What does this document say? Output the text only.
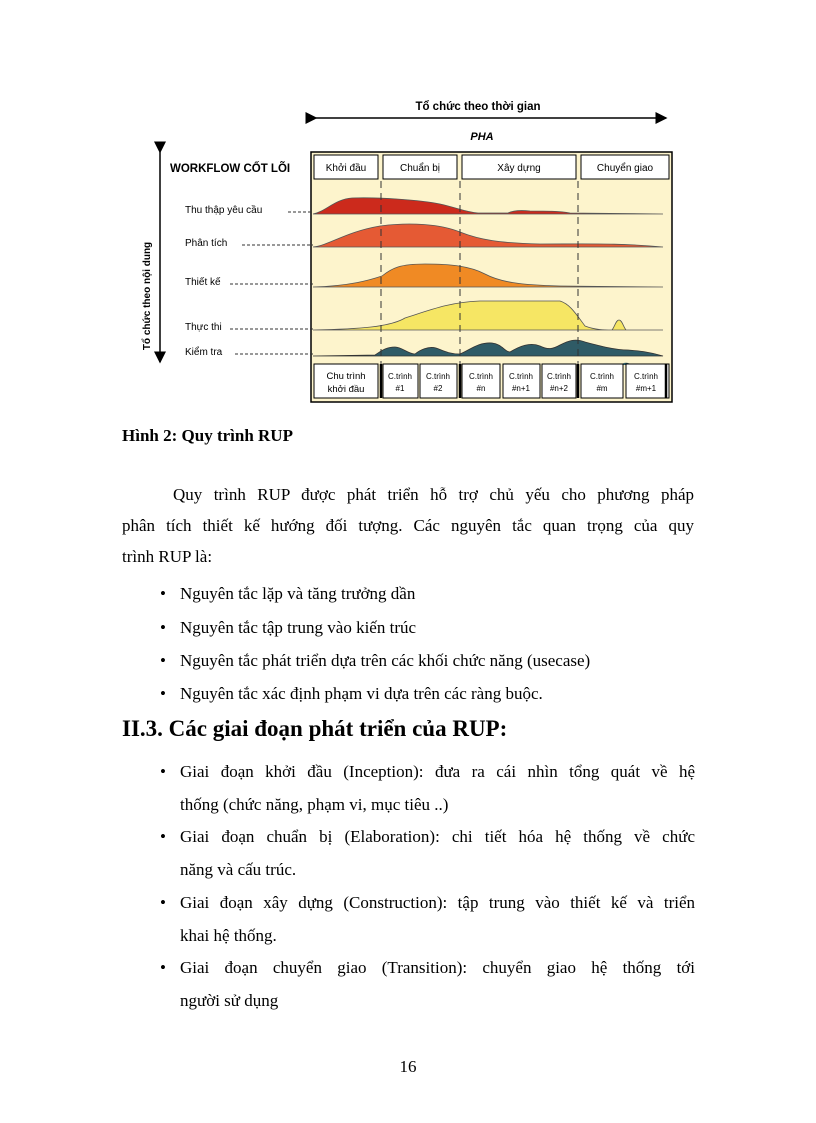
Tổ chức theo thời gian
PHA
Tổ chức theo nội dung
WORKFLOW CỐT LÕI	Khởi đầu	Chuẩn bị	Xây dựng	Chuyển giao
Thu thập yêu cầu
Phân tích
Thiết kế
Thực thi
Kiểm tra
Chu trình
khởi đầu
C.trình
#1
C.trình
#2
C.trình
#n
C.trình
#n+1
C.trình
#n+2
C.trình
#m
C.trình
#m+1
Hình 2: Quy trình RUP
Quy trình RUP được phát triển hỗ trợ chủ yếu cho phương pháp
phân tích thiết kế hướng đối tượng. Các nguyên tắc quan trọng của quy
trình RUP là:
• Nguyên tắc lặp và tăng trưởng dần
• Nguyên tắc tập trung vào kiến trúc
• Nguyên tắc phát triển dựa trên các khối chức năng (usecase)
• Nguyên tắc xác định phạm vi dựa trên các ràng buộc.
II.3. Các giai đoạn phát triển của RUP:
• Giai đoạn khởi đầu (Inception): đưa ra cái nhìn tổng quát về hệ
thống (chức năng, phạm vi, mục tiêu ..)
• Giai đoạn chuẩn bị (Elaboration): chi tiết hóa hệ thống về chức
năng và cấu trúc.
• Giai đoạn xây dựng (Construction): tập trung vào thiết kế và triển
khai hệ thống.
• Giai đoạn chuyển giao (Transition): chuyển giao hệ thống tới
người sử dụng
16
